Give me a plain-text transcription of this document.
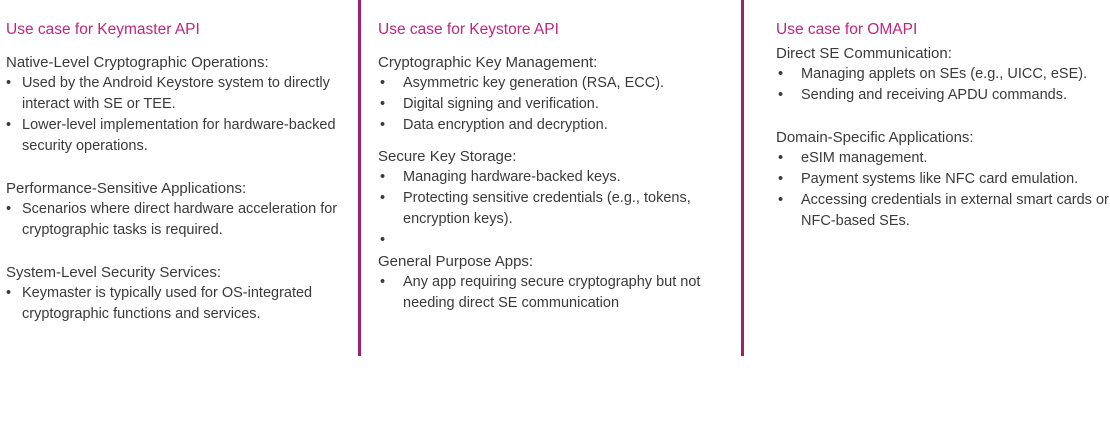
Use case for Keymaster API
Native-Level Cryptographic Operations:
• Used by the Android Keystore system to directly interact with SE or TEE.
• Lower-level implementation for hardware-backed security operations.
Performance-Sensitive Applications:
• Scenarios where direct hardware acceleration for cryptographic tasks is required.
System-Level Security Services:
• Keymaster is typically used for OS-integrated cryptographic functions and services.
Use case for Keystore API
Cryptographic Key Management:
• Asymmetric key generation (RSA, ECC).
• Digital signing and verification.
• Data encryption and decryption.
Secure Key Storage:
• Managing hardware-backed keys.
• Protecting sensitive credentials (e.g., tokens, encryption keys).
•
General Purpose Apps:
• Any app requiring secure cryptography but not needing direct SE communication
Use case for OMAPI
Direct SE Communication:
• Managing applets on SEs (e.g., UICC, eSE).
• Sending and receiving APDU commands.
Domain-Specific Applications:
• eSIM management.
• Payment systems like NFC card emulation.
• Accessing credentials in external smart cards or NFC-based SEs.
